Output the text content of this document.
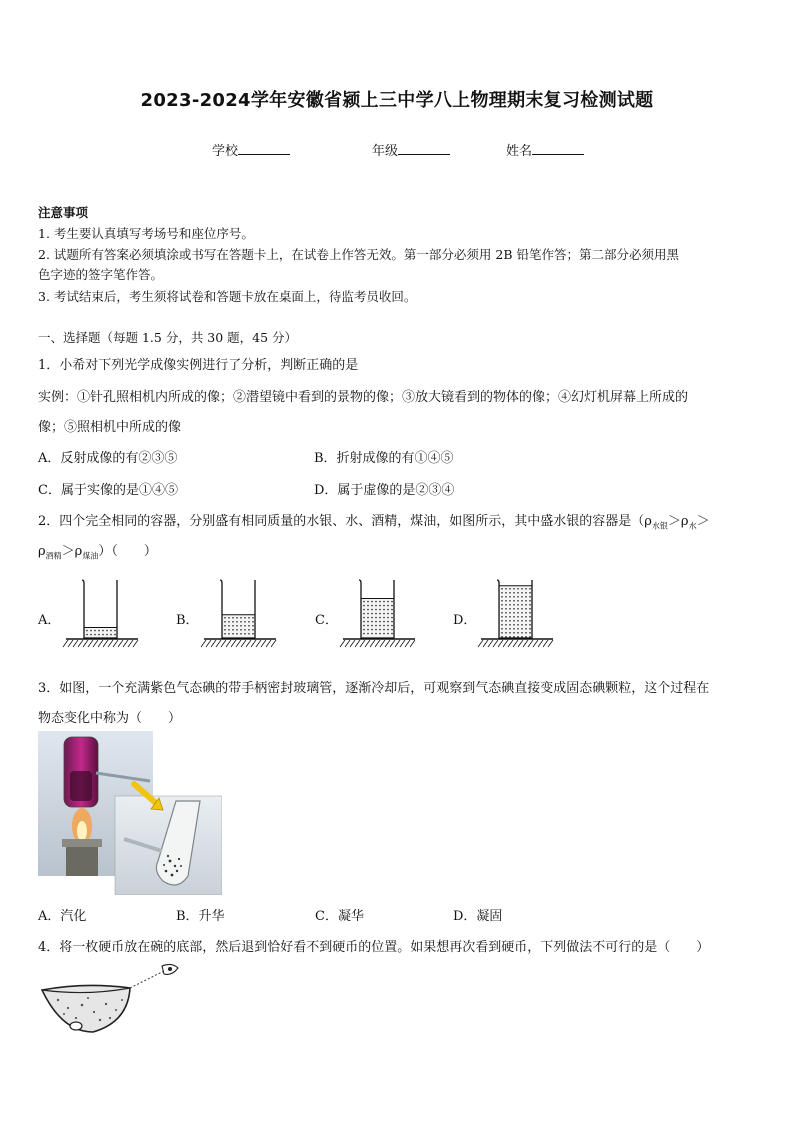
2023-2024学年安徽省颍上三中学八上物理期末复习检测试题
学校	年级	姓名
注意事项
1. 考生要认真填写考场号和座位序号。
2. 试题所有答案必须填涂或书写在答题卡上，在试卷上作答无效。第一部分必须用 2B 铅笔作答；第二部分必须用黑
色字迹的签字笔作答。
3. 考试结束后，考生须将试卷和答题卡放在桌面上，待监考员收回。
一、选择题（每题 1.5 分，共 30 题，45 分）
1．小希对下列光学成像实例进行了分析，判断正确的是
实例：①针孔照相机内所成的像；②潜望镜中看到的景物的像；③放大镜看到的物体的像；④幻灯机屏幕上所成的
像；⑤照相机中所成的像
A．反射成像的有②③⑤	B．折射成像的有①④⑤
C．属于实像的是①④⑤	D．属于虚像的是②③④
2．四个完全相同的容器，分别盛有相同质量的水银、水、酒精，煤油，如图所示，其中盛水银的容器是（$\rho_{水银}>\rho_水>$
$\rho_{酒精}>\rho_{煤油}$）（　　）
A．	B．	C．	D．
3．如图，一个充满紫色气态碘的带手柄密封玻璃管，逐渐冷却后，可观察到气态碘直接变成固态碘颗粒，这个过程在
物态变化中称为（　　）
A．汽化	B．升华	C．凝华	D．凝固
4．将一枚硬币放在碗的底部，然后退到恰好看不到硬币的位置。如果想再次看到硬币，下列做法不可行的是（　　）
